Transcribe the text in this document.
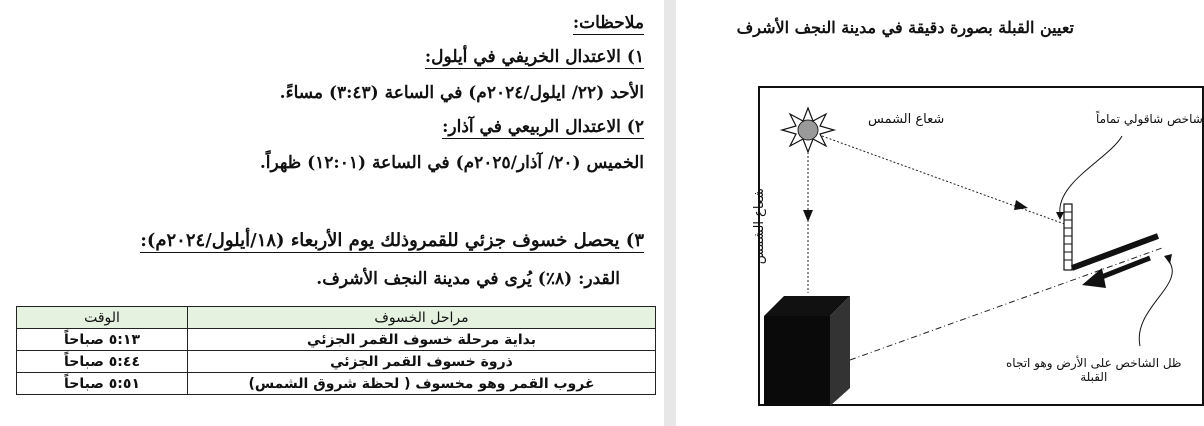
ملاحظات:
١) الاعتدال الخريفي في أيلول:
الأحد (٢٢/ ايلول/٢٠٢٤م) في الساعة (٣:٤٣) مساءً.
٢) الاعتدال الربيعي في آذار:
الخميس (٢٠/ آذار/٢٠٢٥م) في الساعة (١٢:٠١) ظهراً.
٣) يحصل خسوف جزئي للقمروذلك يوم الأربعاء (١٨/أيلول/٢٠٢٤م):
القدر: (٨٪) يُرى في مدينة النجف الأشرف.
مراحل الخسوف	الوقت
بداية مرحلة خسوف القمر الجزئي	٥:١٣ صباحاً
ذروة خسوف القمر الجزئي	٥:٤٤ صباحاً
غروب القمر وهو مخسوف ( لحظة شروق الشمس)	٥:٥١ صباحاً
تعيين القبلة بصورة دقيقة في مدينة النجف الأشرف
شعاع الشمس
شعاع الشمس
شاخص شاقولي تماماً
ظل الشاخص على الأرض وهو اتجاه
القبلة
